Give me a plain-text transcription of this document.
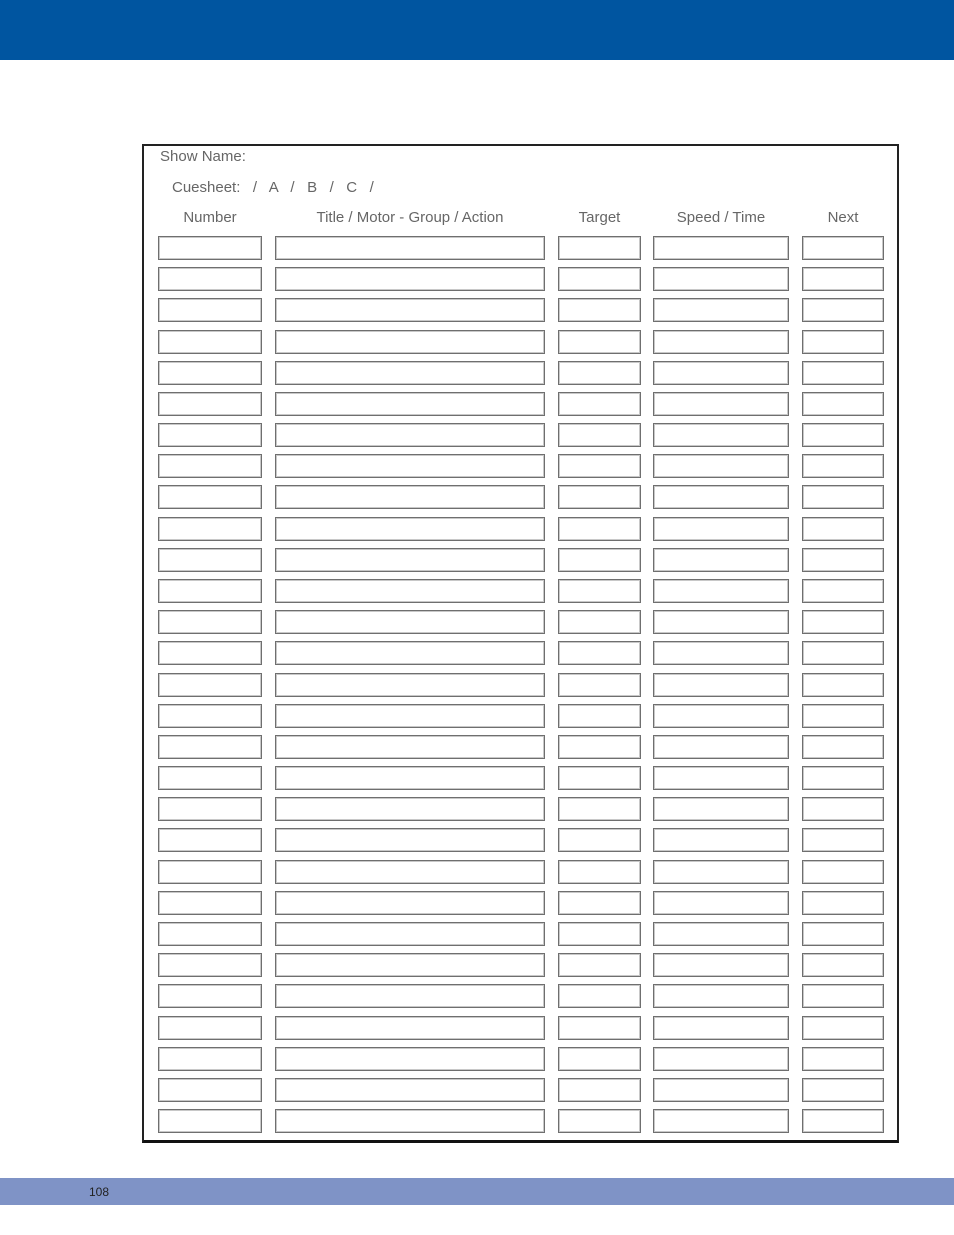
Show Name:
Cuesheet:   /   A   /   B   /   C   /
Number	Title / Motor - Group / Action	Target	Speed / Time	Next
108
